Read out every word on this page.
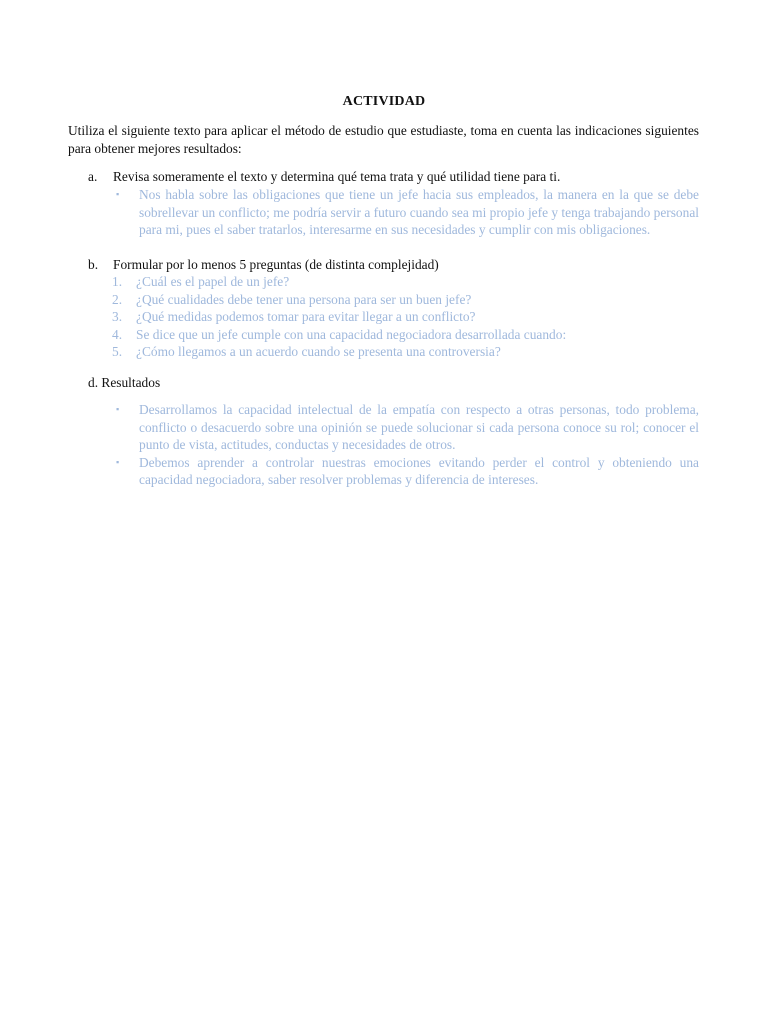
ACTIVIDAD
Utiliza el siguiente texto para aplicar el método de estudio que estudiaste, toma en cuenta las indicaciones siguientes para obtener mejores resultados:
a. Revisa someramente el texto y determina qué tema trata y qué utilidad tiene para ti.
▪	Nos habla sobre las obligaciones que tiene un jefe hacia sus empleados, la manera en la que se debe sobrellevar un conflicto; me podría servir a futuro cuando sea mi propio jefe y tenga trabajando personal para mi, pues el saber tratarlos, interesarme en sus necesidades y cumplir con mis obligaciones.
b. Formular por lo menos 5 preguntas (de distinta complejidad)
1.	¿Cuál es el papel de un jefe?
2.	¿Qué cualidades debe tener una persona para ser un buen jefe?
3.	¿Qué medidas podemos tomar para evitar llegar a un conflicto?
4.	Se dice que un jefe cumple con una capacidad negociadora desarrollada cuando:
5.	¿Cómo llegamos a un acuerdo cuando se presenta una controversia?
d. Resultados
▪	Desarrollamos la capacidad intelectual de la empatía con respecto a otras personas, todo problema, conflicto o desacuerdo sobre una opinión se puede solucionar si cada persona conoce su rol; conocer el punto de vista, actitudes, conductas y necesidades de otros.
▪	Debemos aprender a controlar nuestras emociones evitando perder el control y obteniendo una capacidad negociadora, saber resolver problemas y diferencia de intereses.
